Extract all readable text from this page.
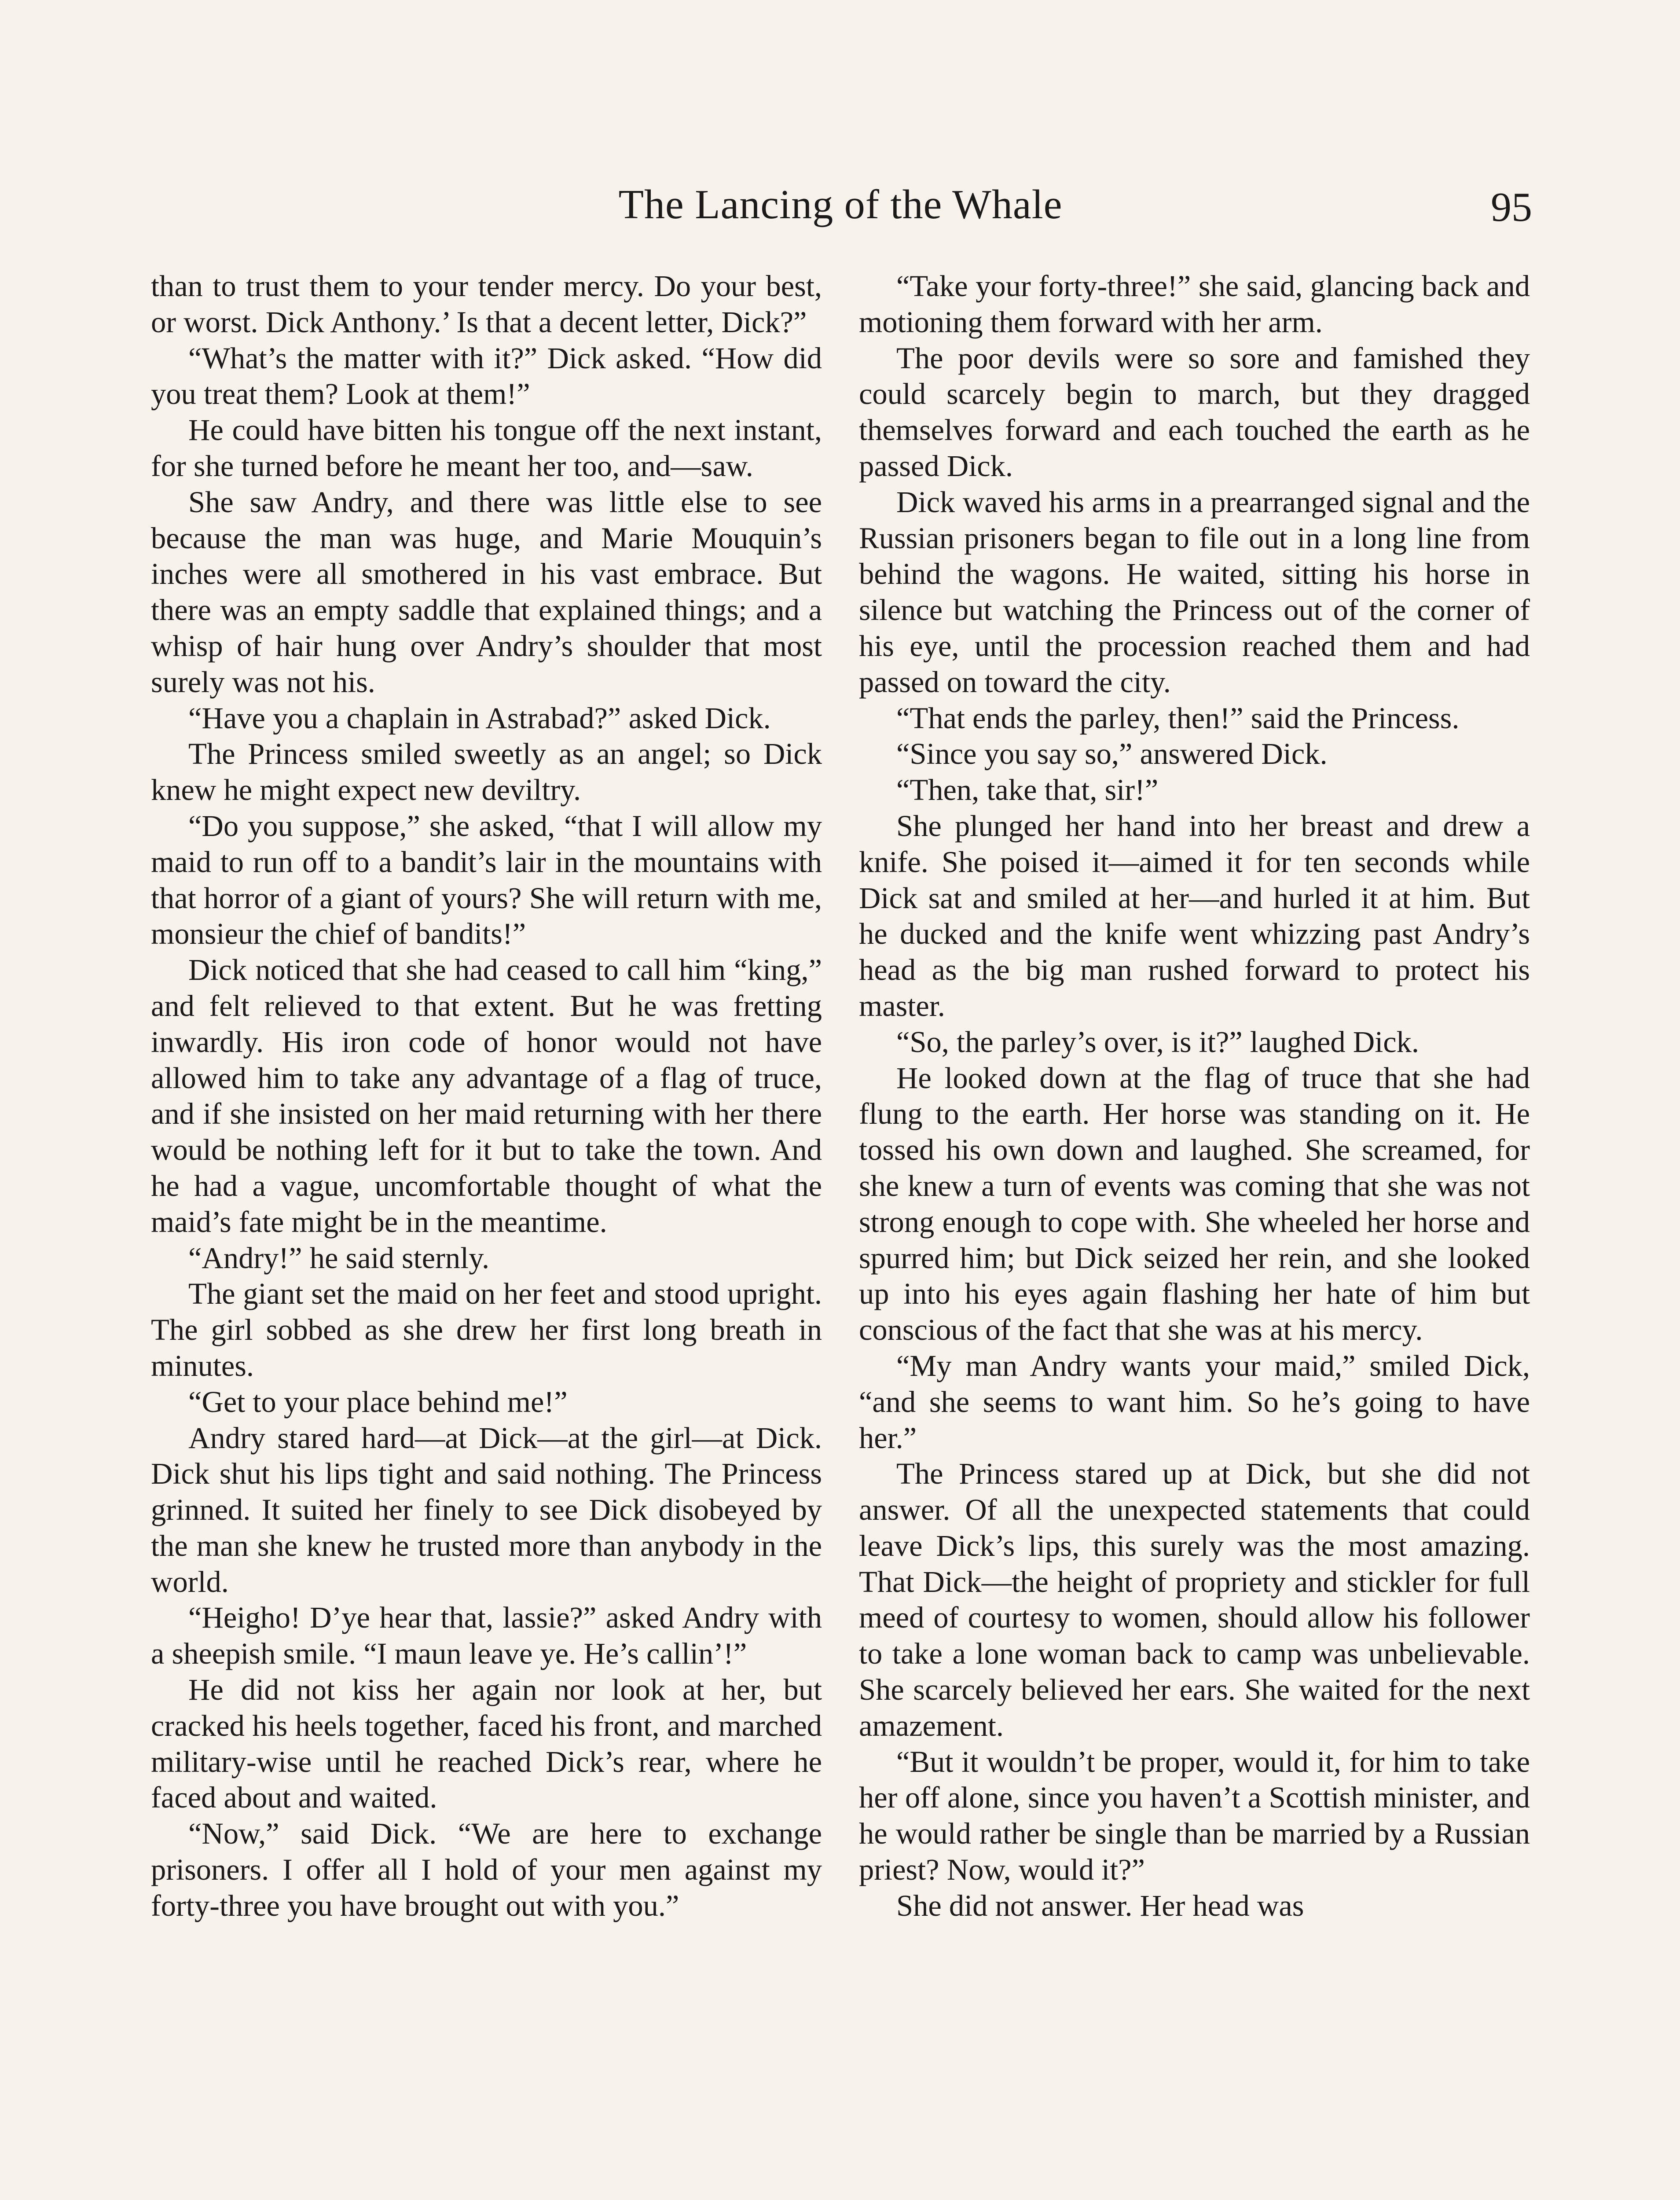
The Lancing of the Whale	95

than to trust them to your tender mercy. Do your best, or worst. Dick Anthony.’ Is that a decent letter, Dick?”

“What’s the matter with it?” Dick asked. “How did you treat them? Look at them!”

He could have bitten his tongue off the next instant, for she turned before he meant her too, and—saw.

She saw Andry, and there was little else to see because the man was huge, and Marie Mouquin’s inches were all smothered in his vast embrace. But there was an empty saddle that explained things; and a whisp of hair hung over Andry’s shoulder that most surely was not his.

“Have you a chaplain in Astrabad?” asked Dick.

The Princess smiled sweetly as an angel; so Dick knew he might expect new deviltry.

“Do you suppose,” she asked, “that I will allow my maid to run off to a bandit’s lair in the mountains with that horror of a giant of yours? She will return with me, monsieur the chief of bandits!”

Dick noticed that she had ceased to call him “king,” and felt relieved to that extent. But he was fretting inwardly. His iron code of honor would not have allowed him to take any advantage of a flag of truce, and if she insisted on her maid returning with her there would be nothing left for it but to take the town. And he had a vague, uncomfortable thought of what the maid’s fate might be in the meantime.

“Andry!” he said sternly.

The giant set the maid on her feet and stood upright. The girl sobbed as she drew her first long breath in minutes.

“Get to your place behind me!”

Andry stared hard—at Dick—at the girl—at Dick. Dick shut his lips tight and said nothing. The Princess grinned. It suited her finely to see Dick disobeyed by the man she knew he trusted more than anybody in the world.

“Heigho! D’ye hear that, lassie?” asked Andry with a sheepish smile. “I maun leave ye. He’s callin’!”

He did not kiss her again nor look at her, but cracked his heels together, faced his front, and marched military-wise until he reached Dick’s rear, where he faced about and waited.

“Now,” said Dick. “We are here to exchange prisoners. I offer all I hold of your men against my forty-three you have brought out with you.”

“Take your forty-three!” she said, glancing back and motioning them forward with her arm.

The poor devils were so sore and famished they could scarcely begin to march, but they dragged themselves forward and each touched the earth as he passed Dick.

Dick waved his arms in a prearranged signal and the Russian prisoners began to file out in a long line from behind the wagons. He waited, sitting his horse in silence but watching the Princess out of the corner of his eye, until the procession reached them and had passed on toward the city.

“That ends the parley, then!” said the Princess.

“Since you say so,” answered Dick.

“Then, take that, sir!”

She plunged her hand into her breast and drew a knife. She poised it—aimed it for ten seconds while Dick sat and smiled at her—and hurled it at him. But he ducked and the knife went whizzing past Andry’s head as the big man rushed forward to protect his master.

“So, the parley’s over, is it?” laughed Dick.

He looked down at the flag of truce that she had flung to the earth. Her horse was standing on it. He tossed his own down and laughed. She screamed, for she knew a turn of events was coming that she was not strong enough to cope with. She wheeled her horse and spurred him; but Dick seized her rein, and she looked up into his eyes again flashing her hate of him but conscious of the fact that she was at his mercy.

“My man Andry wants your maid,” smiled Dick, “and she seems to want him. So he’s going to have her.”

The Princess stared up at Dick, but she did not answer. Of all the unexpected statements that could leave Dick’s lips, this surely was the most amazing. That Dick—the height of propriety and stickler for full meed of courtesy to women, should allow his follower to take a lone woman back to camp was unbelievable. She scarcely believed her ears. She waited for the next amazement.

“But it wouldn’t be proper, would it, for him to take her off alone, since you haven’t a Scottish minister, and he would rather be single than be married by a Russian priest? Now, would it?”

She did not answer. Her head was
